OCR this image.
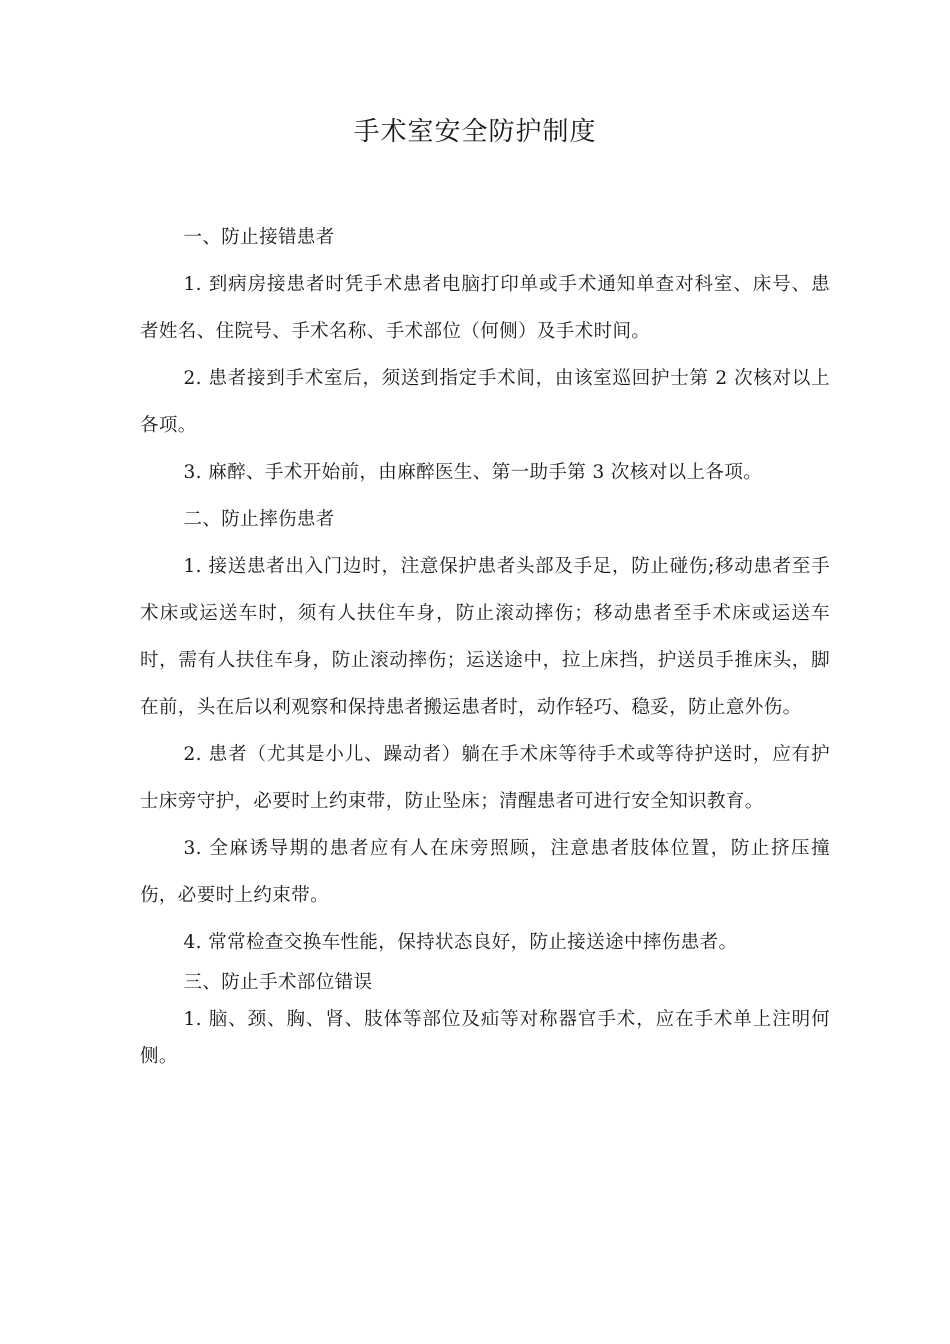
手术室安全防护制度

一、防止接错患者

1. 到病房接患者时凭手术患者电脑打印单或手术通知单查对科室、床号、患者姓名、住院号、手术名称、手术部位（何侧）及手术时间。

2. 患者接到手术室后，须送到指定手术间，由该室巡回护士第 2 次核对以上各项。

3. 麻醉、手术开始前，由麻醉医生、第一助手第 3 次核对以上各项。

二、防止摔伤患者

1. 接送患者出入门边时，注意保护患者头部及手足，防止碰伤;移动患者至手术床或运送车时，须有人扶住车身，防止滚动摔伤；移动患者至手术床或运送车时，需有人扶住车身，防止滚动摔伤；运送途中，拉上床挡，护送员手推床头，脚在前，头在后以利观察和保持患者搬运患者时，动作轻巧、稳妥，防止意外伤。

2. 患者（尤其是小儿、躁动者）躺在手术床等待手术或等待护送时，应有护士床旁守护，必要时上约束带，防止坠床；清醒患者可进行安全知识教育。

3. 全麻诱导期的患者应有人在床旁照顾，注意患者肢体位置，防止挤压撞伤，必要时上约束带。

4. 常常检查交换车性能，保持状态良好，防止接送途中摔伤患者。

三、防止手术部位错误

1. 脑、颈、胸、肾、肢体等部位及疝等对称器官手术，应在手术单上注明何侧。
